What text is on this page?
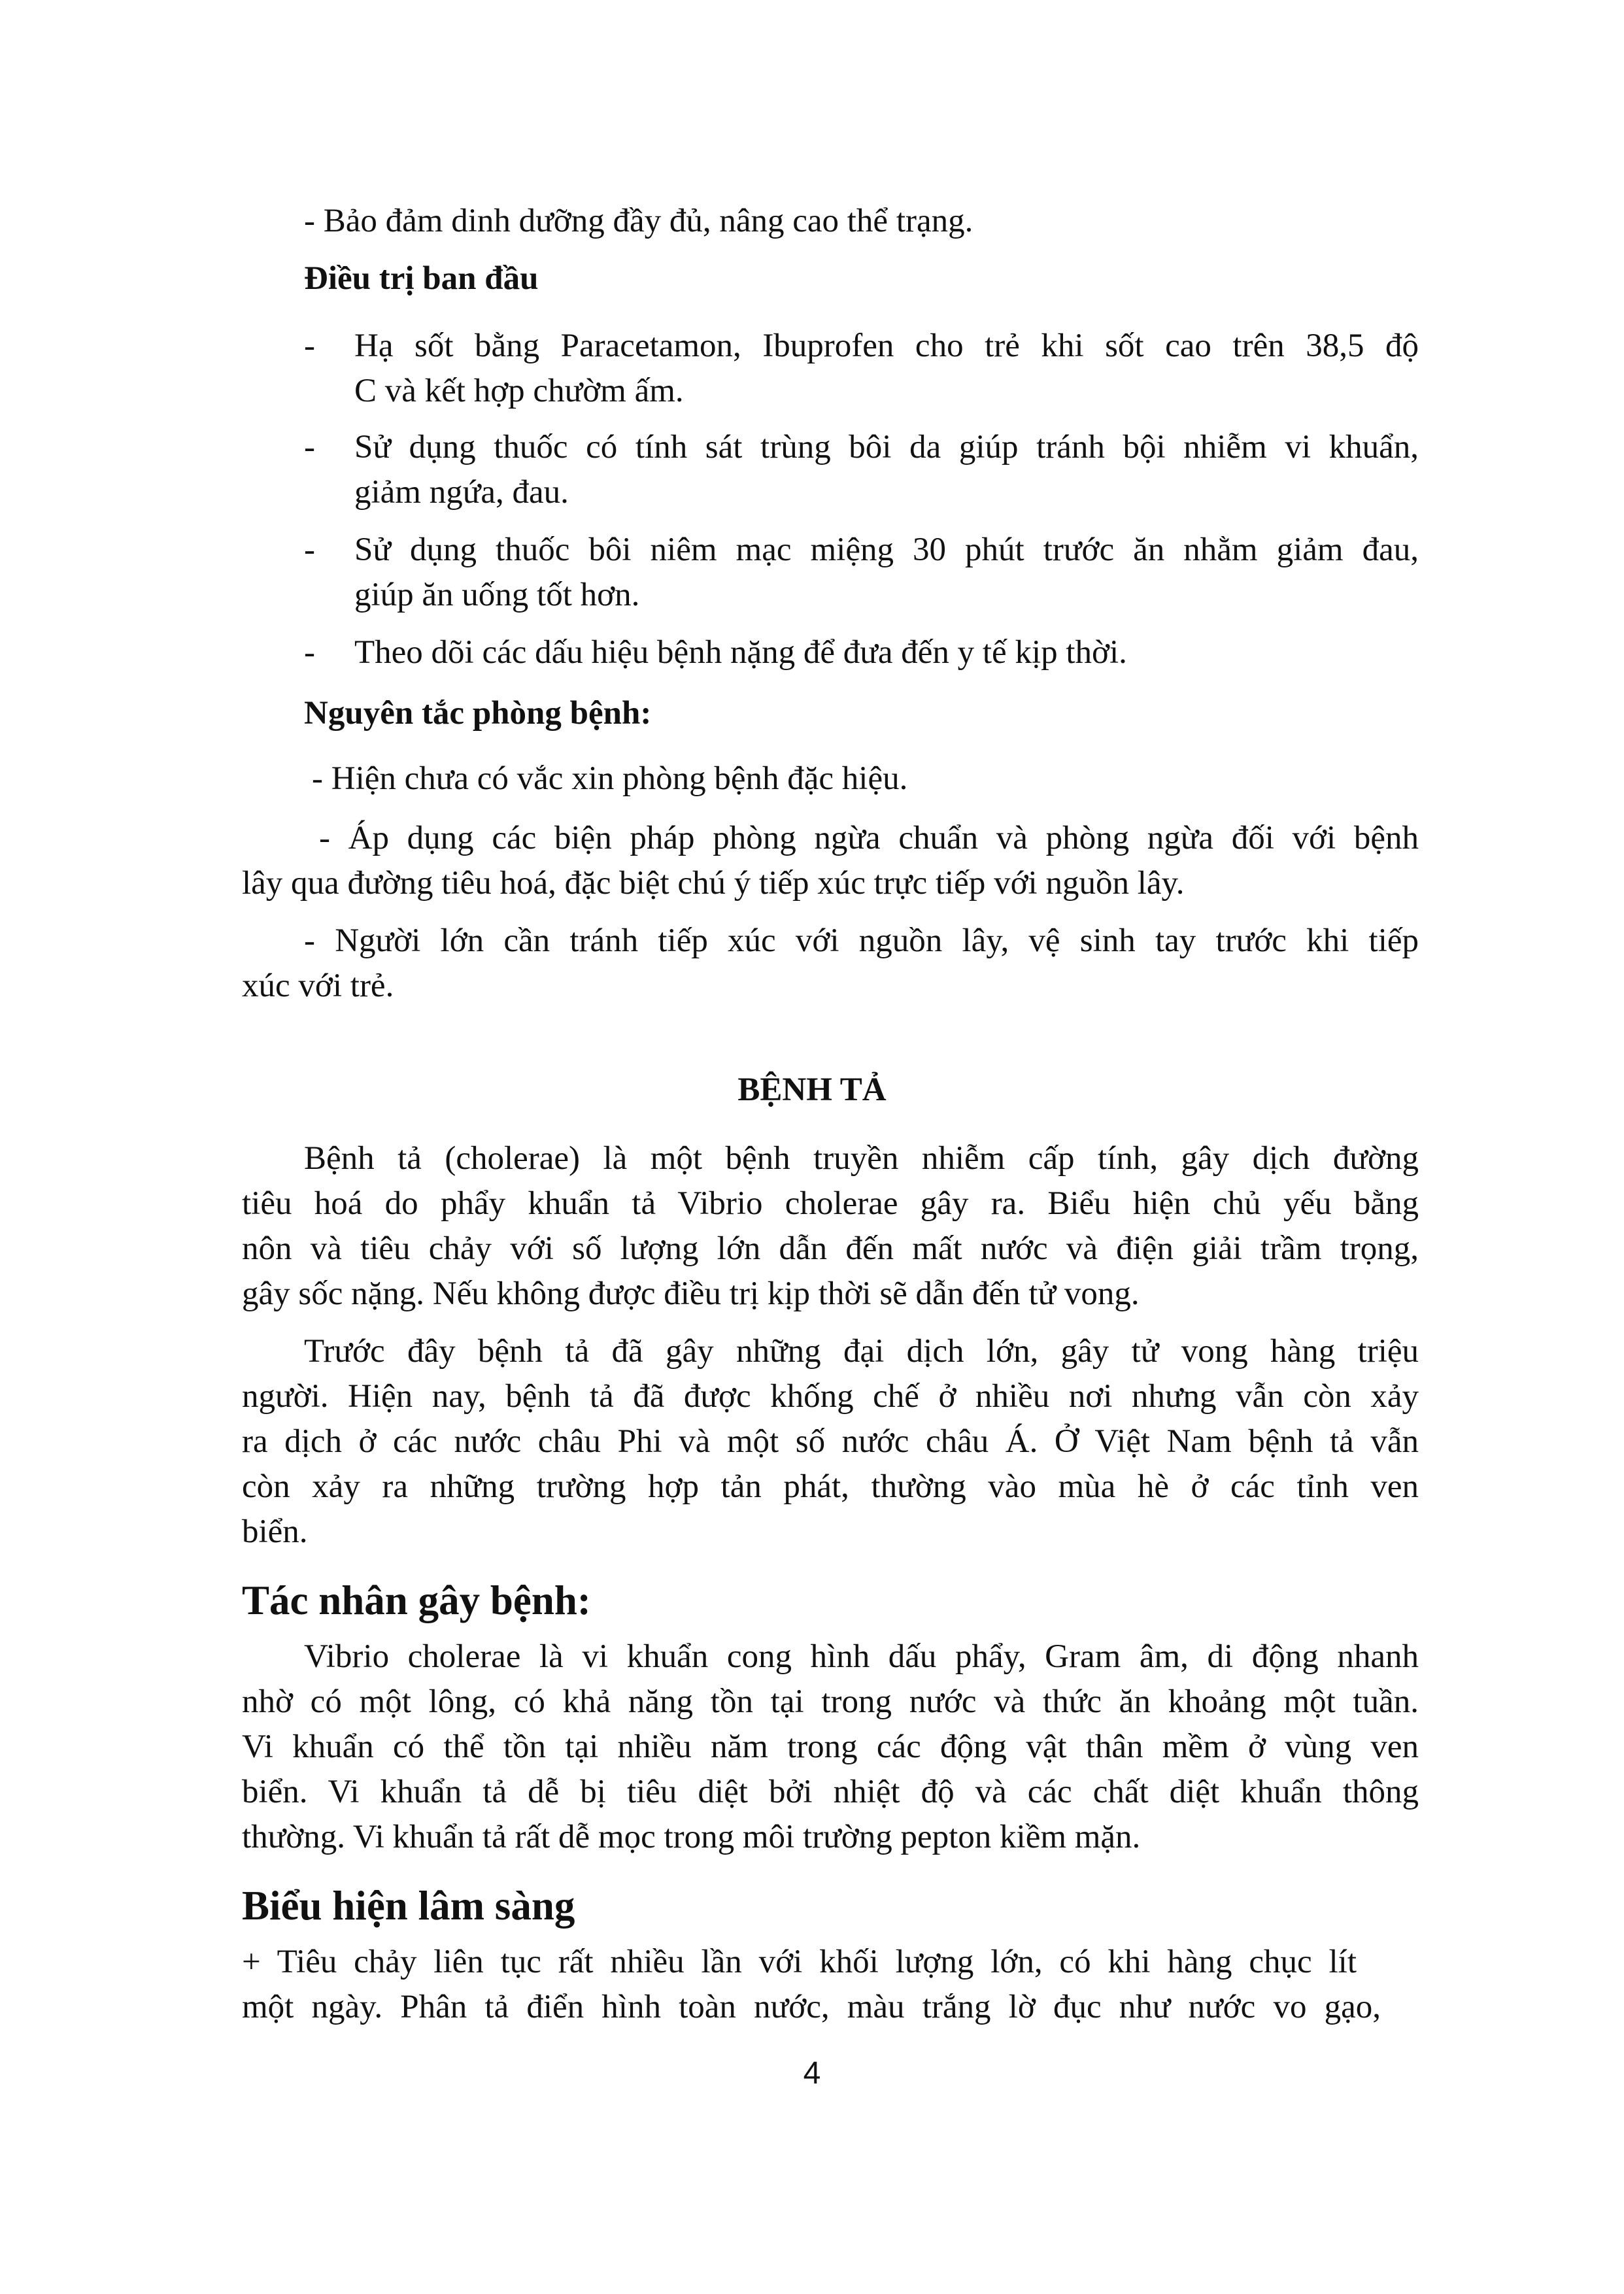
- Bảo đảm dinh dưỡng đầy đủ, nâng cao thể trạng.

Điều trị ban đầu

- Hạ sốt bằng Paracetamon, Ibuprofen cho trẻ khi sốt cao trên 38,5 độ

C và kết hợp chườm ấm.

- Sử dụng thuốc có tính sát trùng bôi da giúp tránh bội nhiễm vi khuẩn,

giảm ngứa, đau.

- Sử dụng thuốc bôi niêm mạc miệng 30 phút trước ăn nhằm giảm đau,

giúp ăn uống tốt hơn.

- Theo dõi các dấu hiệu bệnh nặng để đưa đến y tế kịp thời.

Nguyên tắc phòng bệnh:

- Hiện chưa có vắc xin phòng bệnh đặc hiệu.

- Áp dụng các biện pháp phòng ngừa chuẩn và phòng ngừa đối với bệnh

lây qua đường tiêu hoá, đặc biệt chú ý tiếp xúc trực tiếp với nguồn lây.

- Người lớn cần tránh tiếp xúc với nguồn lây, vệ sinh tay trước khi tiếp

xúc với trẻ.

BỆNH TẢ

Bệnh tả (cholerae) là một bệnh truyền nhiễm cấp tính, gây dịch đường

tiêu hoá do phẩy khuẩn tả Vibrio cholerae gây ra. Biểu hiện chủ yếu bằng

nôn và tiêu chảy với số lượng lớn dẫn đến mất nước và điện giải trầm trọng,

gây sốc nặng. Nếu không được điều trị kịp thời sẽ dẫn đến tử vong.

Trước đây bệnh tả đã gây những đại dịch lớn, gây tử vong hàng triệu

người. Hiện nay, bệnh tả đã được khống chế ở nhiều nơi nhưng vẫn còn xảy

ra dịch ở các nước châu Phi và một số nước châu Á. Ở Việt Nam bệnh tả vẫn

còn xảy ra những trường hợp tản phát, thường vào mùa hè ở các tỉnh ven

biển.

Tác nhân gây bệnh:

Vibrio cholerae là vi khuẩn cong hình dấu phẩy, Gram âm, di động nhanh

nhờ có một lông, có khả năng tồn tại trong nước và thức ăn khoảng một tuần.

Vi khuẩn có thể tồn tại nhiều năm trong các động vật thân mềm ở vùng ven

biển. Vi khuẩn tả dễ bị tiêu diệt bởi nhiệt độ và các chất diệt khuẩn thông

thường. Vi khuẩn tả rất dễ mọc trong môi trường pepton kiềm mặn.

Biểu hiện lâm sàng

+ Tiêu chảy liên tục rất nhiều lần với khối lượng lớn, có khi hàng chục lít

một ngày. Phân tả điển hình toàn nước, màu trắng lờ đục như nước vo gạo,

4
